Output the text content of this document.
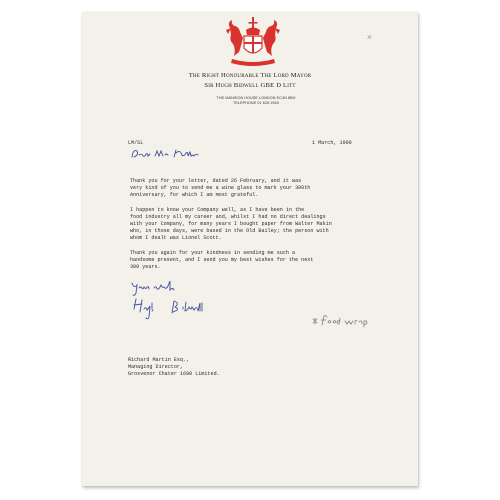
The Right Honourable The Lord Mayor
Sir Hugh Bidwell GBE D Litt
THE MANSION HOUSE LONDON EC4N 8BH
TELEPHONE 01 626 2500
×
LM/SL	1 March, 1990

Thank you for your letter, dated 26 February, and it was
very kind of you to send me a wine glass to mark your 300th
Anniversary, for which I am most grateful.

I happen to know your Company well, as I have been in the
food industry all my career and, whilst I had no direct dealings
with your Company, for many years I bought paper from Walter Makin
who, in those days, were based in the Old Bailey; the person with
whom I dealt was Lionel Scott.

Thank you again for your kindness in sending me such a
handsome present, and I send you my best wishes for the next
300 years.

Richard Martin Esq.,
Managing Director,
Grosvenor Chater 1690 Limited.
